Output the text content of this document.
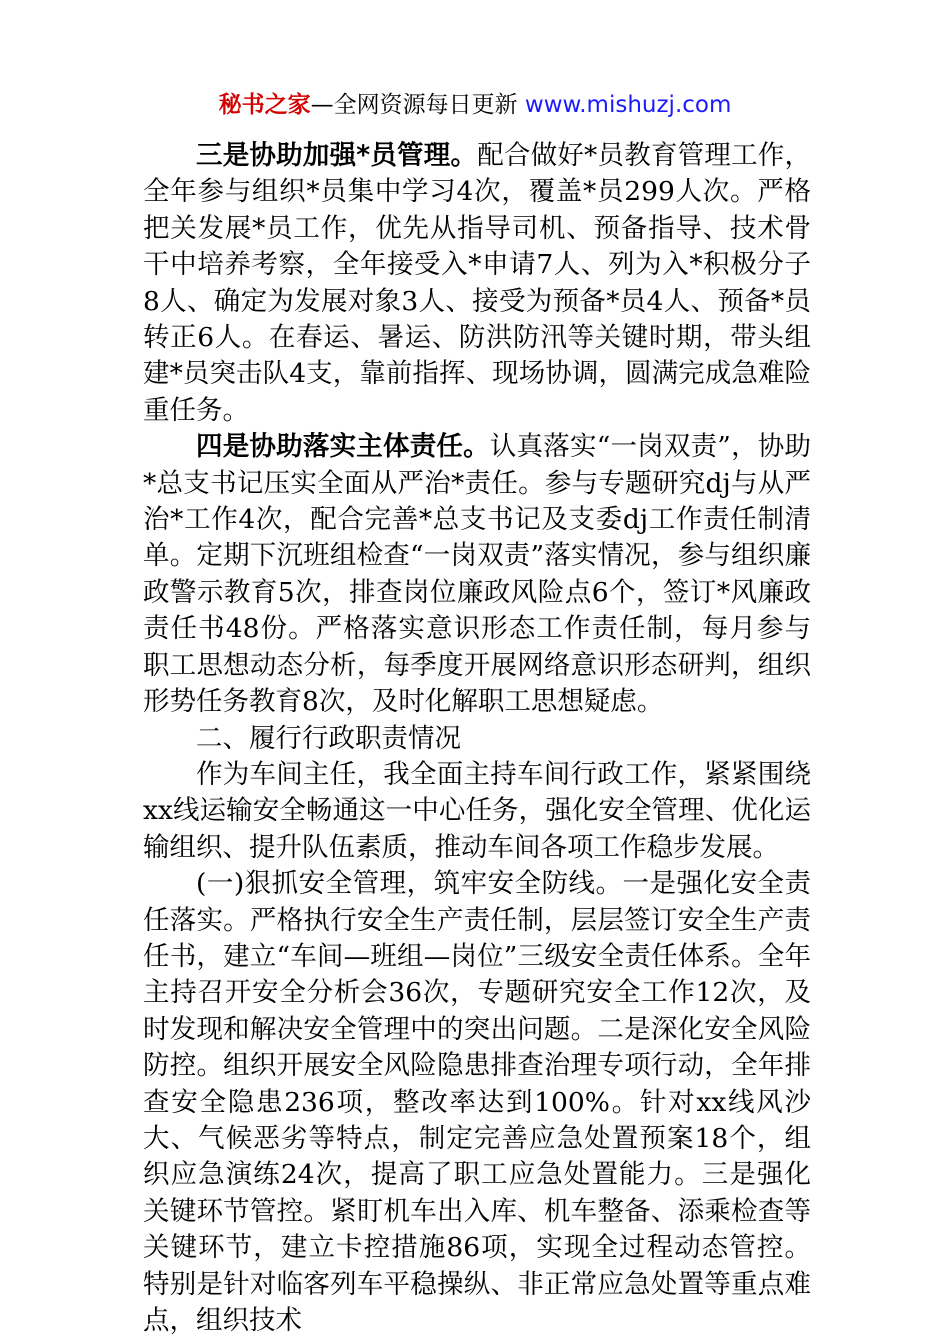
秘书之家—全网资源每日更新 www.mishuzj.com

三是协助加强*员管理。配合做好*员教育管理工作，全年参与组织*员集中学习4次，覆盖*员299人次。严格把关发展*员工作，优先从指导司机、预备指导、技术骨干中培养考察，全年接受入*申请7人、列为入*积极分子8人、确定为发展对象3人、接受为预备*员4人、预备*员转正6人。在春运、暑运、防洪防汛等关键时期，带头组建*员突击队4支，靠前指挥、现场协调，圆满完成急难险重任务。

四是协助落实主体责任。认真落实“一岗双责”，协助*总支书记压实全面从严治*责任。参与专题研究dj与从严治*工作4次，配合完善*总支书记及支委dj工作责任制清单。定期下沉班组检查“一岗双责”落实情况，参与组织廉政警示教育5次，排查岗位廉政风险点6个，签订*风廉政责任书48份。严格落实意识形态工作责任制，每月参与职工思想动态分析，每季度开展网络意识形态研判，组织形势任务教育8次，及时化解职工思想疑虑。

二、履行行政职责情况

作为车间主任，我全面主持车间行政工作，紧紧围绕xx线运输安全畅通这一中心任务，强化安全管理、优化运输组织、提升队伍素质，推动车间各项工作稳步发展。

(一)狠抓安全管理，筑牢安全防线。一是强化安全责任落实。严格执行安全生产责任制，层层签订安全生产责任书，建立“车间—班组—岗位”三级安全责任体系。全年主持召开安全分析会36次，专题研究安全工作12次，及时发现和解决安全管理中的突出问题。二是深化安全风险防控。组织开展安全风险隐患排查治理专项行动，全年排查安全隐患236项，整改率达到100%。针对xx线风沙大、气候恶劣等特点，制定完善应急处置预案18个，组织应急演练24次，提高了职工应急处置能力。三是强化关键环节管控。紧盯机车出入库、机车整备、添乘检查等关键环节，建立卡控措施86项，实现全过程动态管控。特别是针对临客列车平稳操纵、非正常应急处置等重点难点，组织技术
